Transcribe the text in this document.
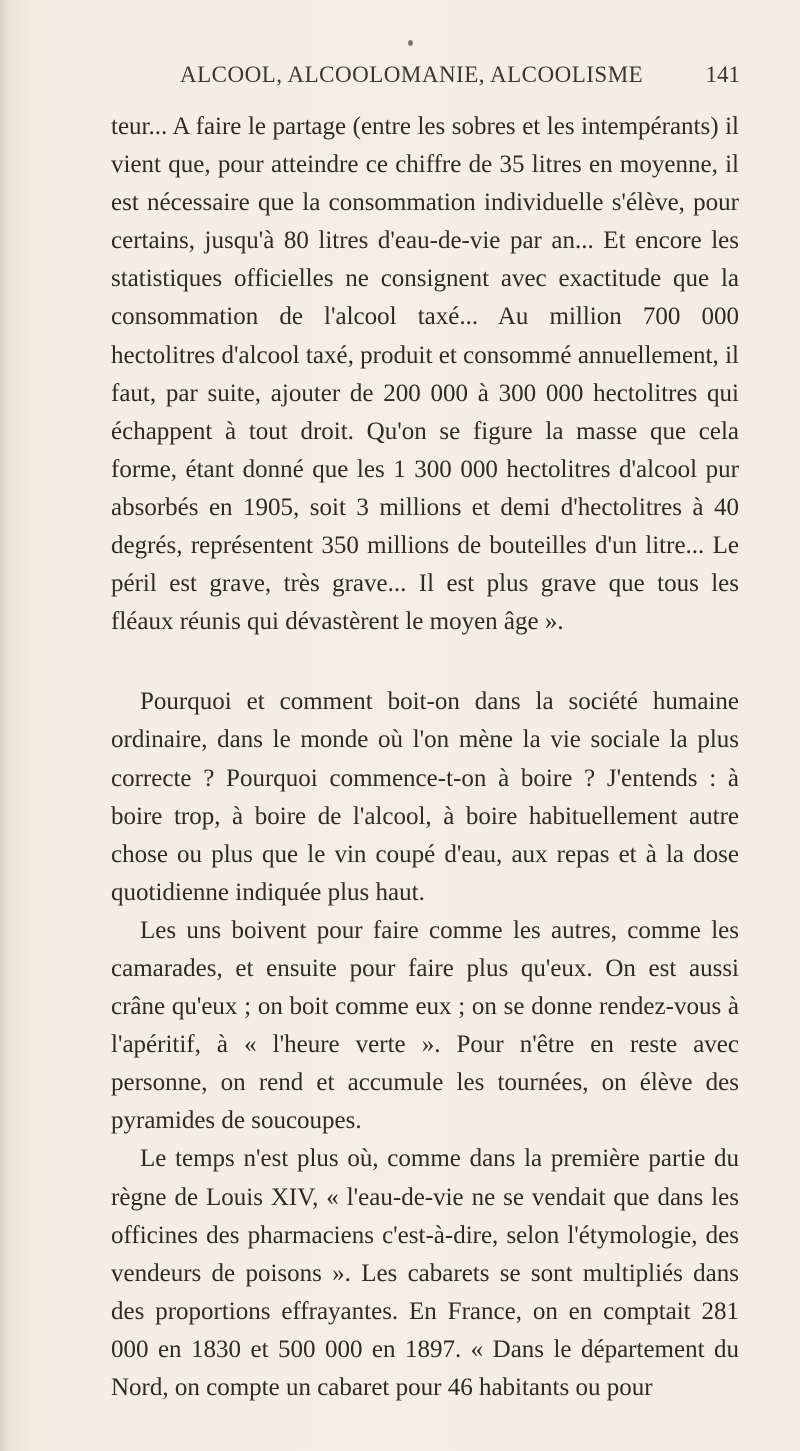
ALCOOL, ALCOOLOMANIE, ALCOOLISME	141

teur... A faire le partage (entre les sobres et les intempérants) il vient que, pour atteindre ce chiffre de 35 litres en moyenne, il est nécessaire que la consommation individuelle s'élève, pour certains, jusqu'à 80 litres d'eau-de-vie par an... Et encore les statistiques officielles ne consignent avec exactitude que la consommation de l'alcool taxé... Au million 700 000 hectolitres d'alcool taxé, produit et consommé annuellement, il faut, par suite, ajouter de 200 000 à 300 000 hectolitres qui échappent à tout droit. Qu'on se figure la masse que cela forme, étant donné que les 1 300 000 hectolitres d'alcool pur absorbés en 1905, soit 3 millions et demi d'hectolitres à 40 degrés, représentent 350 millions de bouteilles d'un litre... Le péril est grave, très grave... Il est plus grave que tous les fléaux réunis qui dévastèrent le moyen âge ».

Pourquoi et comment boit-on dans la société humaine ordinaire, dans le monde où l'on mène la vie sociale la plus correcte ? Pourquoi commence-t-on à boire ? J'entends : à boire trop, à boire de l'alcool, à boire habituellement autre chose ou plus que le vin coupé d'eau, aux repas et à la dose quotidienne indiquée plus haut.

Les uns boivent pour faire comme les autres, comme les camarades, et ensuite pour faire plus qu'eux. On est aussi crâne qu'eux ; on boit comme eux ; on se donne rendez-vous à l'apéritif, à « l'heure verte ». Pour n'être en reste avec personne, on rend et accumule les tournées, on élève des pyramides de soucoupes.

Le temps n'est plus où, comme dans la première partie du règne de Louis XIV, « l'eau-de-vie ne se vendait que dans les officines des pharmaciens c'est-à-dire, selon l'étymologie, des vendeurs de poisons ». Les cabarets se sont multipliés dans des proportions effrayantes. En France, on en comptait 281 000 en 1830 et 500 000 en 1897. « Dans le département du Nord, on compte un cabaret pour 46 habitants ou pour
